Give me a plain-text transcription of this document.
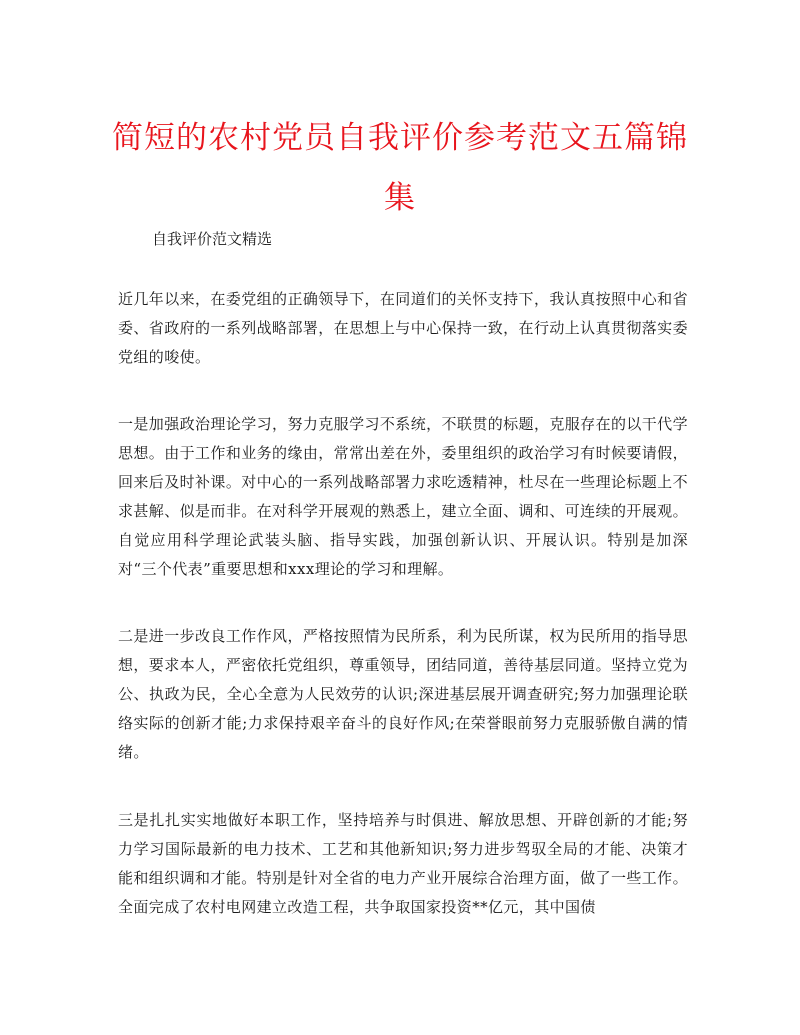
简短的农村党员自我评价参考范文五篇锦集

自我评价范文精选

近几年以来，在委党组的正确领导下，在同道们的关怀支持下，我认真按照中心和省委、省政府的一系列战略部署，在思想上与中心保持一致，在行动上认真贯彻落实委党组的唆使。

一是加强政治理论学习，努力克服学习不系统，不联贯的标题，克服存在的以干代学思想。由于工作和业务的缘由，常常出差在外，委里组织的政治学习有时候要请假，回来后及时补课。对中心的一系列战略部署力求吃透精神，杜尽在一些理论标题上不求甚解、似是而非。在对科学开展观的熟悉上，建立全面、调和、可连续的开展观。自觉应用科学理论武装头脑、指导实践，加强创新认识、开展认识。特别是加深对“三个代表”重要思想和xxx理论的学习和理解。

二是进一步改良工作作风，严格按照情为民所系，利为民所谋，权为民所用的指导思想，要求本人，严密依托党组织，尊重领导，团结同道，善待基层同道。坚持立党为公、执政为民，全心全意为人民效劳的认识;深进基层展开调查研究;努力加强理论联络实际的创新才能;力求保持艰辛奋斗的良好作风;在荣誉眼前努力克服骄傲自满的情绪。

三是扎扎实实地做好本职工作，坚持培养与时俱进、解放思想、开辟创新的才能;努力学习国际最新的电力技术、工艺和其他新知识;努力进步驾驭全局的才能、决策才能和组织调和才能。特别是针对全省的电力产业开展综合治理方面，做了一些工作。全面完成了农村电网建立改造工程，共争取国家投资**亿元，其中国债
